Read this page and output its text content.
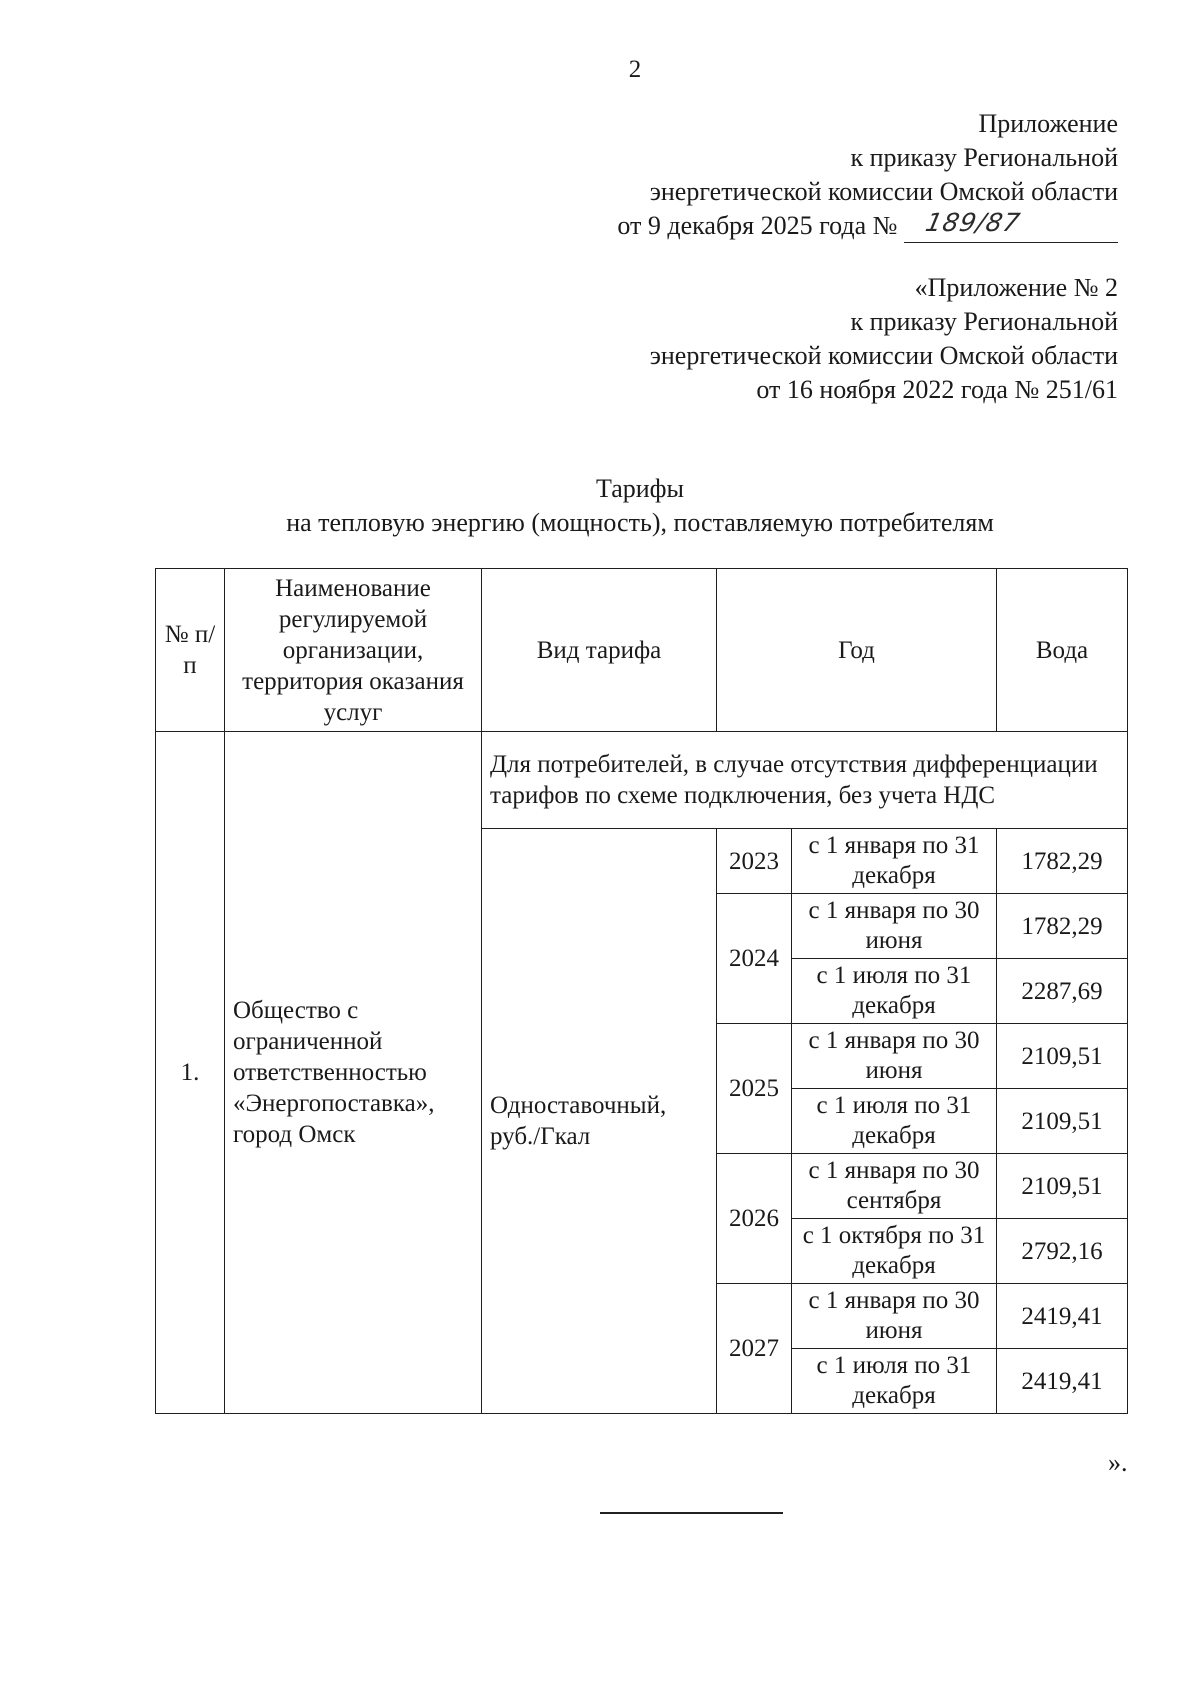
2
Приложение
к приказу Региональной
энергетической комиссии Омской области
от 9 декабря 2025 года № 189/87
«Приложение № 2
к приказу Региональной
энергетической комиссии Омской области
от 16 ноября 2022 года № 251/61
Тарифы
на тепловую энергию (мощность), поставляемую потребителям
№ п/п	Наименование регулируемой организации, территория оказания услуг	Вид тарифа	Год		Вода
1.	Общество с ограниченной ответственностью «Энергопоставка», город Омск	Для потребителей, в случае отсутствия дифференциации тарифов по схеме подключения, без учета НДС			
		Одноставочный, руб./Гкал	2023	с 1 января по 31 декабря	1782,29
			2024	с 1 января по 30 июня	1782,29
				с 1 июля по 31 декабря	2287,69
			2025	с 1 января по 30 июня	2109,51
				с 1 июля по 31 декабря	2109,51
			2026	с 1 января по 30 сентября	2109,51
				с 1 октября по 31 декабря	2792,16
			2027	с 1 января по 30 июня	2419,41
				с 1 июля по 31 декабря	2419,41
».
